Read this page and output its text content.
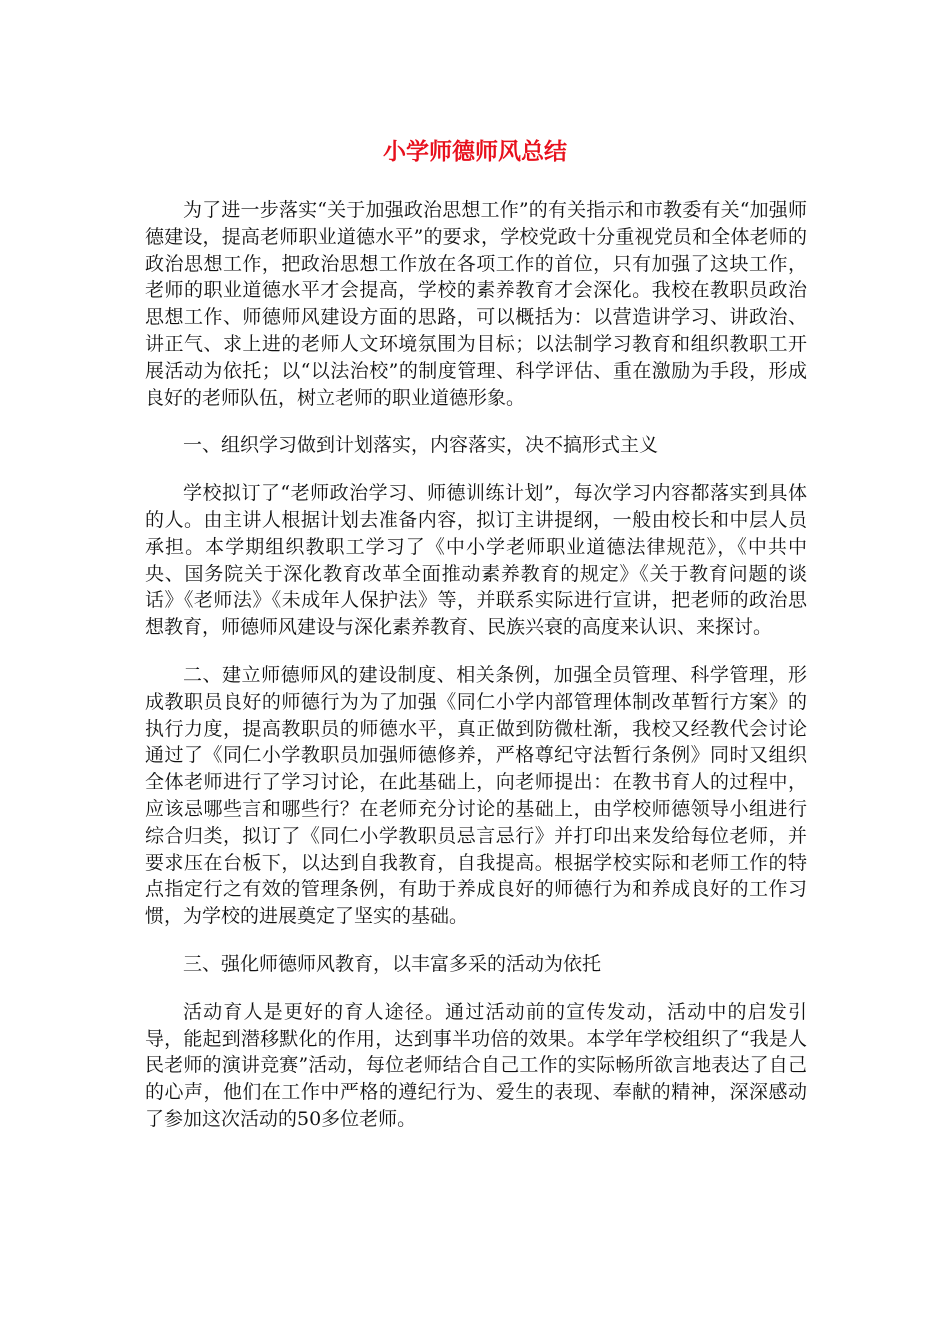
小学师德师风总结

为了进一步落实“关于加强政治思想工作”的有关指示和市教委有关“加强师德建设，提高老师职业道德水平”的要求，学校党政十分重视党员和全体老师的政治思想工作，把政治思想工作放在各项工作的首位，只有加强了这块工作，老师的职业道德水平才会提高，学校的素养教育才会深化。我校在教职员政治思想工作、师德师风建设方面的思路，可以概括为：以营造讲学习、讲政治、讲正气、求上进的老师人文环境氛围为目标；以法制学习教育和组织教职工开展活动为依托；以“以法治校”的制度管理、科学评估、重在激励为手段，形成良好的老师队伍，树立老师的职业道德形象。

一、组织学习做到计划落实，内容落实，决不搞形式主义

学校拟订了“老师政治学习、师德训练计划”，每次学习内容都落实到具体的人。由主讲人根据计划去准备内容，拟订主讲提纲，一般由校长和中层人员承担。本学期组织教职工学习了《中小学老师职业道德法律规范》，《中共中央、国务院关于深化教育改革全面推动素养教育的规定》《关于教育问题的谈话》《老师法》《未成年人保护法》等，并联系实际进行宣讲，把老师的政治思想教育，师德师风建设与深化素养教育、民族兴衰的高度来认识、来探讨。

二、建立师德师风的建设制度、相关条例，加强全员管理、科学管理，形成教职员良好的师德行为为了加强《同仁小学内部管理体制改革暂行方案》的执行力度，提高教职员的师德水平，真正做到防微杜渐，我校又经教代会讨论通过了《同仁小学教职员加强师德修养，严格尊纪守法暂行条例》同时又组织全体老师进行了学习讨论，在此基础上，向老师提出：在教书育人的过程中，应该忌哪些言和哪些行？在老师充分讨论的基础上，由学校师德领导小组进行综合归类，拟订了《同仁小学教职员忌言忌行》并打印出来发给每位老师，并要求压在台板下，以达到自我教育，自我提高。根据学校实际和老师工作的特点指定行之有效的管理条例，有助于养成良好的师德行为和养成良好的工作习惯，为学校的进展奠定了坚实的基础。

三、强化师德师风教育，以丰富多采的活动为依托

活动育人是更好的育人途径。通过活动前的宣传发动，活动中的启发引导，能起到潜移默化的作用，达到事半功倍的效果。本学年学校组织了“我是人民老师的演讲竞赛”活动，每位老师结合自己工作的实际畅所欲言地表达了自己的心声，他们在工作中严格的遵纪行为、爱生的表现、奉献的精神，深深感动了参加这次活动的50多位老师。
